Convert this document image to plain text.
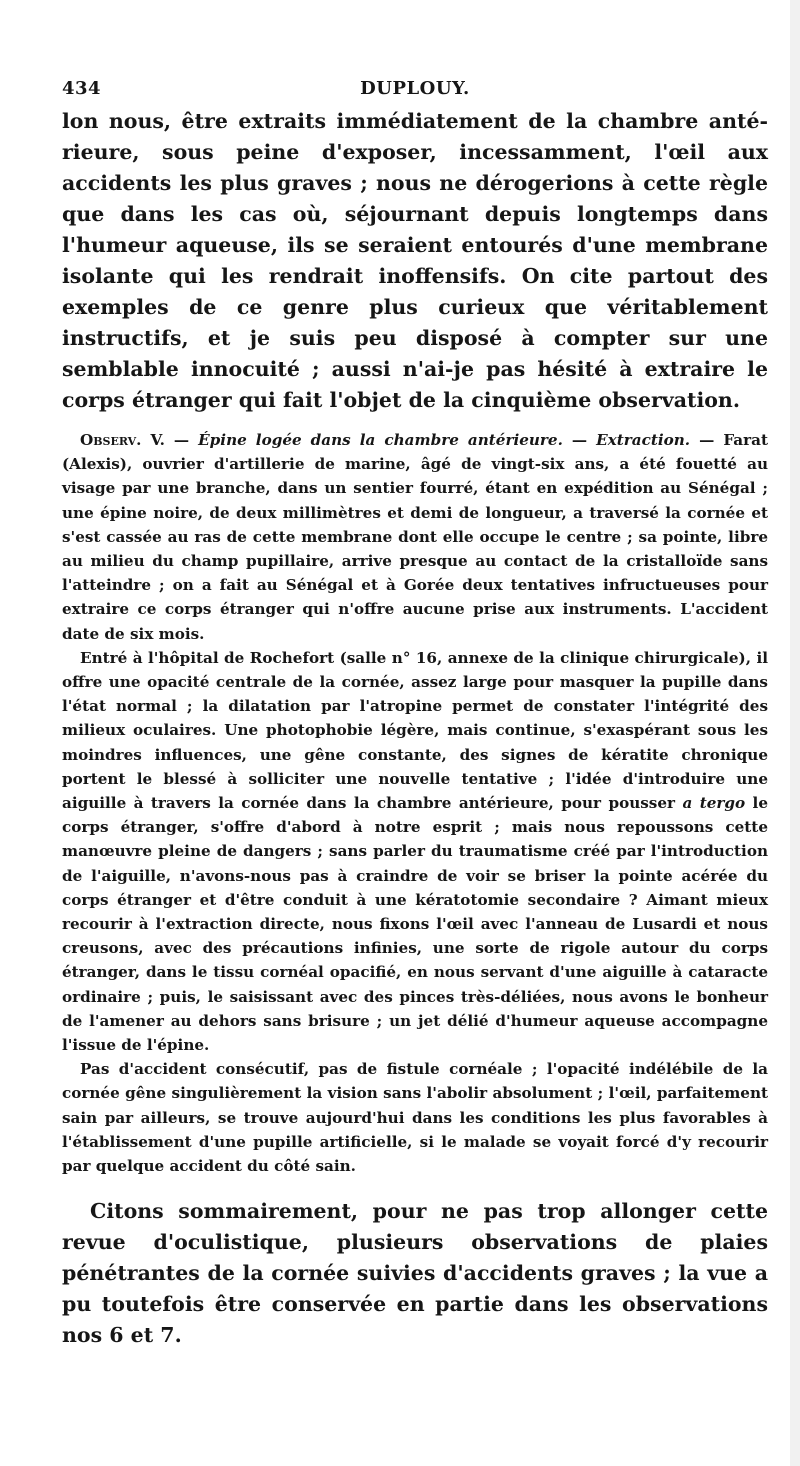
434	DUPLOUY.

lon nous, être extraits immédiatement de la chambre antérieure, sous peine d'exposer, incessamment, l'œil aux accidents les plus graves ; nous ne dérogerions à cette règle que dans les cas où, séjournant depuis longtemps dans l'humeur aqueuse, ils se seraient entourés d'une membrane isolante qui les rendrait inoffensifs. On cite partout des exemples de ce genre plus curieux que véritablement instructifs, et je suis peu disposé à compter sur une semblable innocuité ; aussi n'ai-je pas hésité à extraire le corps étranger qui fait l'objet de la cinquième observation.

Observ. V. — Épine logée dans la chambre antérieure. — Extraction. — Farat (Alexis), ouvrier d'artillerie de marine, âgé de vingt-six ans, a été fouetté au visage par une branche, dans un sentier fourré, étant en expédition au Sénégal ; une épine noire, de deux millimètres et demi de longueur, a traversé la cornée et s'est cassée au ras de cette membrane dont elle occupe le centre ; sa pointe, libre au milieu du champ pupillaire, arrive presque au contact de la cristalloïde sans l'atteindre ; on a fait au Sénégal et à Gorée deux tentatives infructueuses pour extraire ce corps étranger qui n'offre aucune prise aux instruments. L'accident date de six mois.

Entré à l'hôpital de Rochefort (salle n° 16, annexe de la clinique chirurgicale), il offre une opacité centrale de la cornée, assez large pour masquer la pupille dans l'état normal ; la dilatation par l'atropine permet de constater l'intégrité des milieux oculaires. Une photophobie légère, mais continue, s'exaspérant sous les moindres influences, une gêne constante, des signes de kératite chronique portent le blessé à solliciter une nouvelle tentative ; l'idée d'introduire une aiguille à travers la cornée dans la chambre antérieure, pour pousser a tergo le corps étranger, s'offre d'abord à notre esprit ; mais nous repoussons cette manœuvre pleine de dangers ; sans parler du traumatisme créé par l'introduction de l'aiguille, n'avons-nous pas à craindre de voir se briser la pointe acérée du corps étranger et d'être conduit à une kératotomie secondaire ? Aimant mieux recourir à l'extraction directe, nous fixons l'œil avec l'anneau de Lusardi et nous creusons, avec des précautions infinies, une sorte de rigole autour du corps étranger, dans le tissu cornéal opacifié, en nous servant d'une aiguille à cataracte ordinaire ; puis, le saisissant avec des pinces très-déliées, nous avons le bonheur de l'amener au dehors sans brisure ; un jet délié d'humeur aqueuse accompagne l'issue de l'épine.

Pas d'accident consécutif, pas de fistule cornéale ; l'opacité indélébile de la cornée gêne singulièrement la vision sans l'abolir absolument ; l'œil, parfaitement sain par ailleurs, se trouve aujourd'hui dans les conditions les plus favorables à l'établissement d'une pupille artificielle, si le malade se voyait forcé d'y recourir par quelque accident du côté sain.

Citons sommairement, pour ne pas trop allonger cette revue d'oculistique, plusieurs observations de plaies pénétrantes de la cornée suivies d'accidents graves ; la vue a pu toutefois être conservée en partie dans les observations nos 6 et 7.
